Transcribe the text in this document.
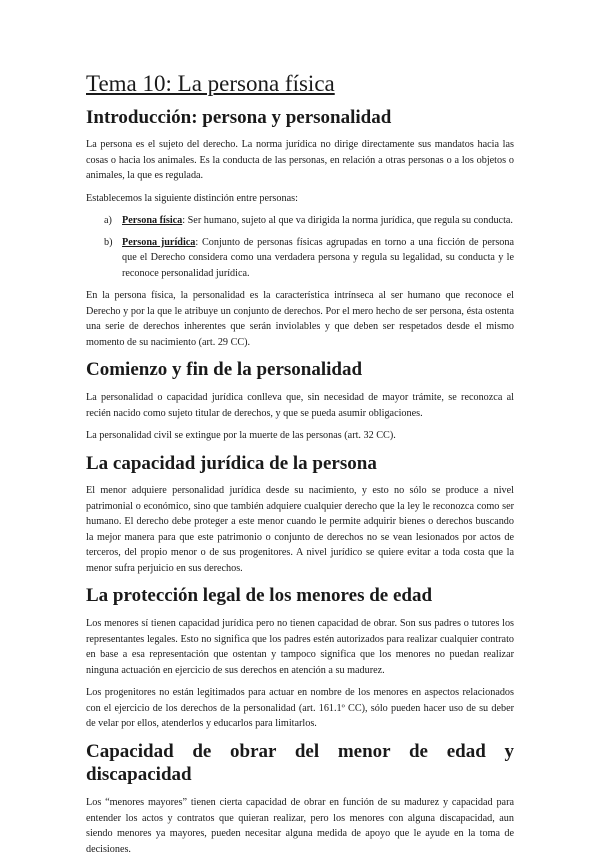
Tema 10: La persona física
Introducción: persona y personalidad

La persona es el sujeto del derecho. La norma jurídica no dirige directamente sus mandatos hacia las cosas o hacia los animales. Es la conducta de las personas, en relación a otras personas o a los objetos o animales, la que es regulada.

Establecemos la siguiente distinción entre personas:

a) Persona física: Ser humano, sujeto al que va dirigida la norma jurídica, que regula su conducta.
b) Persona jurídica: Conjunto de personas físicas agrupadas en torno a una ficción de persona que el Derecho considera como una verdadera persona y regula su legalidad, su conducta y le reconoce personalidad jurídica.

En la persona física, la personalidad es la característica intrínseca al ser humano que reconoce el Derecho y por la que le atribuye un conjunto de derechos. Por el mero hecho de ser persona, ésta ostenta una serie de derechos inherentes que serán inviolables y que deben ser respetados desde el mismo momento de su nacimiento (art. 29 CC).

Comienzo y fin de la personalidad

La personalidad o capacidad jurídica conlleva que, sin necesidad de mayor trámite, se reconozca al recién nacido como sujeto titular de derechos, y que se pueda asumir obligaciones.

La personalidad civil se extingue por la muerte de las personas (art. 32 CC).

La capacidad jurídica de la persona

El menor adquiere personalidad jurídica desde su nacimiento, y esto no sólo se produce a nivel patrimonial o económico, sino que también adquiere cualquier derecho que la ley le reconozca como ser humano. El derecho debe proteger a este menor cuando le permite adquirir bienes o derechos buscando la mejor manera para que este patrimonio o conjunto de derechos no se vean lesionados por actos de terceros, del propio menor o de sus progenitores. A nivel jurídico se quiere evitar a toda costa que la menor sufra perjuicio en sus derechos.

La protección legal de los menores de edad

Los menores sí tienen capacidad jurídica pero no tienen capacidad de obrar. Son sus padres o tutores los representantes legales. Esto no significa que los padres estén autorizados para realizar cualquier contrato en base a esa representación que ostentan y tampoco significa que los menores no puedan realizar ninguna actuación en ejercicio de sus derechos en atención a su madurez.

Los progenitores no están legitimados para actuar en nombre de los menores en aspectos relacionados con el ejercicio de los derechos de la personalidad (art. 161.1º CC), sólo pueden hacer uso de su deber de velar por ellos, atenderlos y educarlos para limitarlos.

Capacidad de obrar del menor de edad y
discapacidad

Los “menores mayores” tienen cierta capacidad de obrar en función de su madurez y capacidad para entender los actos y contratos que quieran realizar, pero los menores con alguna discapacidad, aun siendo menores ya mayores, pueden necesitar alguna medida de apoyo que le ayude en la toma de decisiones.
